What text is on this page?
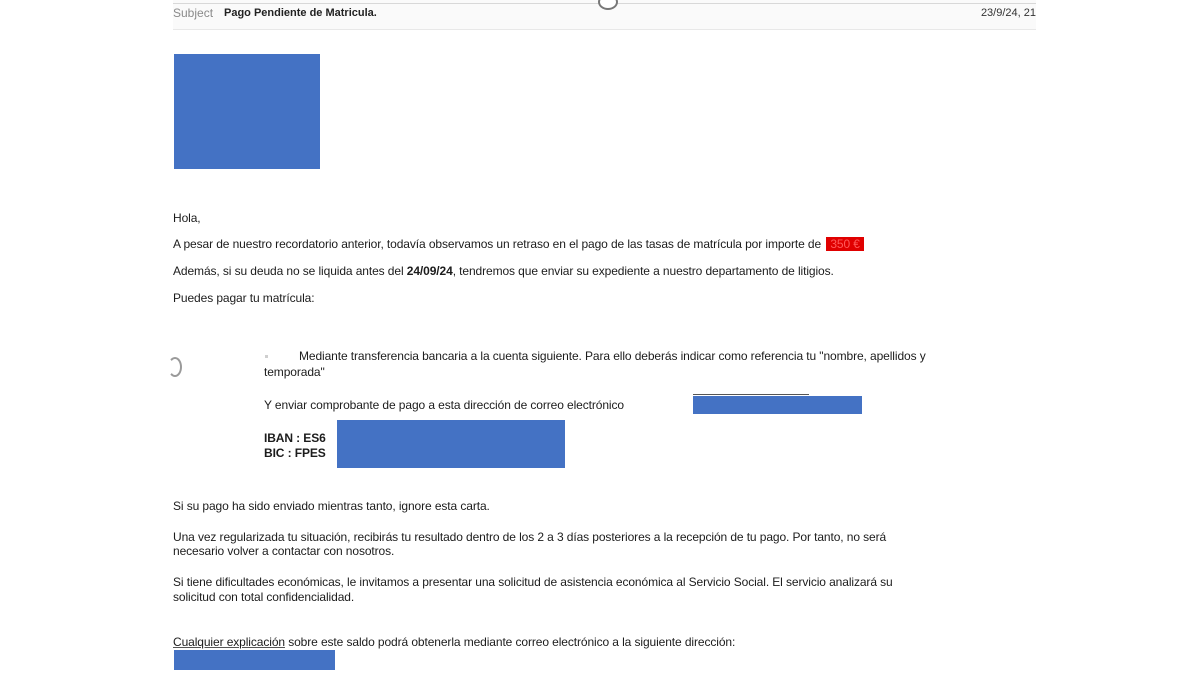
Subject Pago Pendiente de Matricula.	23/9/24, 21
Hola,
A pesar de nuestro recordatorio anterior, todavía observamos un retraso en el pago de las tasas de matrícula por importe de 350 €
Además, si su deuda no se liquida antes del 24/09/24, tendremos que enviar su expediente a nuestro departamento de litigios.
Puedes pagar tu matrícula:
Mediante transferencia bancaria a la cuenta siguiente. Para ello deberás indicar como referencia tu "nombre, apellidos y
temporada"
Y enviar comprobante de pago a esta dirección de correo electrónico
IBAN : ES6
BIC : FPES
Si su pago ha sido enviado mientras tanto, ignore esta carta.
Una vez regularizada tu situación, recibirás tu resultado dentro de los 2 a 3 días posteriores a la recepción de tu pago. Por tanto, no será
necesario volver a contactar con nosotros.
Si tiene dificultades económicas, le invitamos a presentar una solicitud de asistencia económica al Servicio Social. El servicio analizará su
solicitud con total confidencialidad.
Cualquier explicación sobre este saldo podrá obtenerla mediante correo electrónico a la siguiente dirección:
